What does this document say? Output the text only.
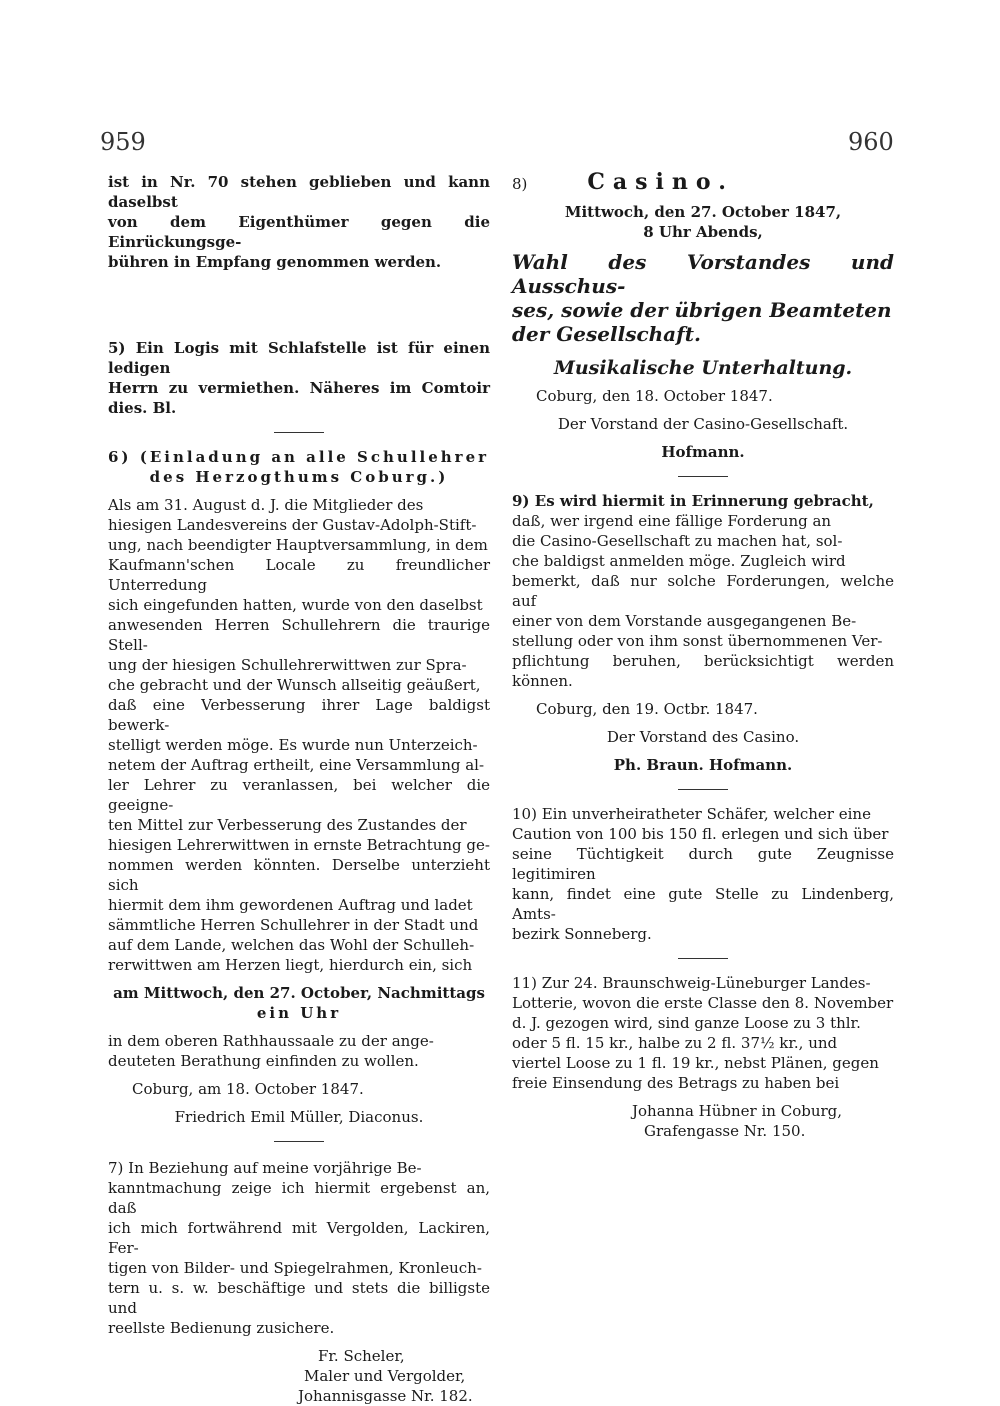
959	960

ist in Nr. 70 stehen geblieben und kann daselbst

von dem Eigenthümer gegen die Einrückungsge-

bühren in Empfang genommen werden.

5) Ein Logis mit Schlafstelle ist für einen ledigen

Herrn zu vermiethen. Näheres im Comtoir dies. Bl.

6) (Einladung an alle Schullehrer

des Herzogthums Coburg.)

Als am 31. August d. J. die Mitglieder des

hiesigen Landesvereins der Gustav-Adolph-Stift-

ung, nach beendigter Hauptversammlung, in dem

Kaufmann'schen Locale zu freundlicher Unterredung

sich eingefunden hatten, wurde von den daselbst

anwesenden Herren Schullehrern die traurige Stell-

ung der hiesigen Schullehrerwittwen zur Spra-

che gebracht und der Wunsch allseitig geäußert,

daß eine Verbesserung ihrer Lage baldigst bewerk-

stelligt werden möge. Es wurde nun Unterzeich-

netem der Auftrag ertheilt, eine Versammlung al-

ler Lehrer zu veranlassen, bei welcher die geeigne-

ten Mittel zur Verbesserung des Zustandes der

hiesigen Lehrerwittwen in ernste Betrachtung ge-

nommen werden könnten. Derselbe unterzieht sich

hiermit dem ihm gewordenen Auftrag und ladet

sämmtliche Herren Schullehrer in der Stadt und

auf dem Lande, welchen das Wohl der Schulleh-

rerwittwen am Herzen liegt, hierdurch ein, sich

am Mittwoch, den 27. October, Nachmittags

ein Uhr

in dem oberen Rathhaussaale zu der ange-

deuteten Berathung einfinden zu wollen.

Coburg, am 18. October 1847.

Friedrich Emil Müller, Diaconus.

7) In Beziehung auf meine vorjährige Be-

kanntmachung zeige ich hiermit ergebenst an, daß

ich mich fortwährend mit Vergolden, Lackiren, Fer-

tigen von Bilder- und Spiegelrahmen, Kronleuch-

tern u. s. w. beschäftige und stets die billigste und

reellste Bedienung zusichere.

Fr. Scheler,

Maler und Vergolder,

Johannisgasse Nr. 182.

8)	Casino.

Mittwoch, den 27. October 1847,

8 Uhr Abends,

Wahl des Vorstandes und Ausschus-

ses, sowie der übrigen Beamteten

der Gesellschaft.

Musikalische Unterhaltung.

Coburg, den 18. October 1847.

Der Vorstand der Casino-Gesellschaft.

Hofmann.

9) Es wird hiermit in Erinnerung gebracht,

daß, wer irgend eine fällige Forderung an

die Casino-Gesellschaft zu machen hat, sol-

che baldigst anmelden möge. Zugleich wird

bemerkt, daß nur solche Forderungen, welche auf

einer von dem Vorstande ausgegangenen Be-

stellung oder von ihm sonst übernommenen Ver-

pflichtung beruhen, berücksichtigt werden können.

Coburg, den 19. Octbr. 1847.

Der Vorstand des Casino.

Ph. Braun. Hofmann.

10) Ein unverheiratheter Schäfer, welcher eine

Caution von 100 bis 150 fl. erlegen und sich über

seine Tüchtigkeit durch gute Zeugnisse legitimiren

kann, findet eine gute Stelle zu Lindenberg, Amts-

bezirk Sonneberg.

11) Zur 24. Braunschweig-Lüneburger Landes-

Lotterie, wovon die erste Classe den 8. November

d. J. gezogen wird, sind ganze Loose zu 3 thlr.

oder 5 fl. 15 kr., halbe zu 2 fl. 37½ kr., und

viertel Loose zu 1 fl. 19 kr., nebst Plänen, gegen

freie Einsendung des Betrags zu haben bei

Johanna Hübner in Coburg,

Grafengasse Nr. 150.
